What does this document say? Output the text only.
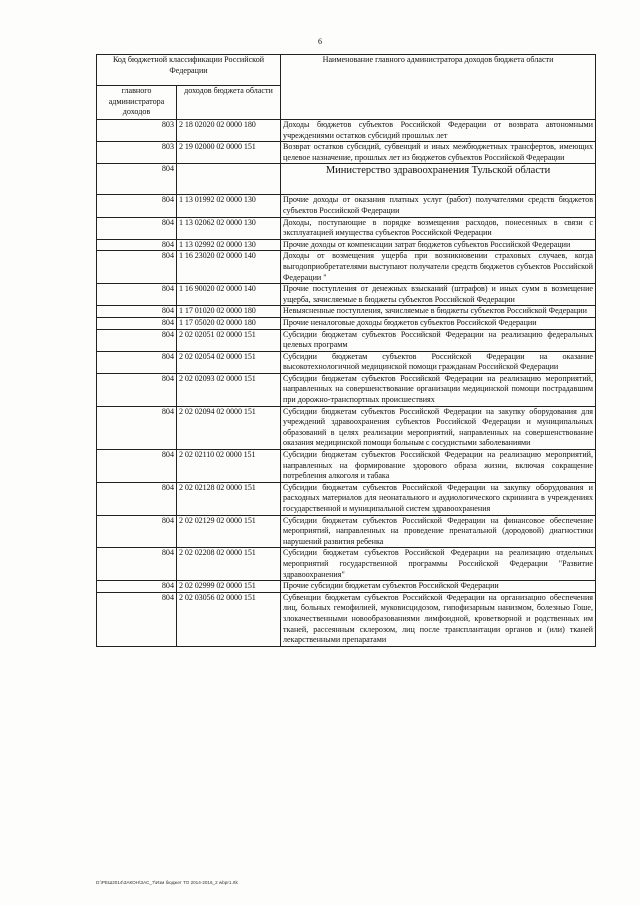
6
Код бюджетной классификации Российской Федерации		Наименование главного администратора доходов бюджета области
главного администратора доходов	доходов бюджета области	
803	2 18 02020 02 0000 180	Доходы бюджетов субъектов Российской Федерации от возврата автономными учреждениями остатков субсидий прошлых лет
803	2 19 02000 02 0000 151	Возврат остатков субсидий, субвенций и иных межбюджетных трансфертов, имеющих целевое назначение, прошлых лет из бюджетов субъектов Российской Федерации
804		Министерство здравоохранения Тульской области
804	1 13 01992 02 0000 130	Прочие доходы от оказания платных услуг (работ) получателями средств бюджетов субъектов Российской Федерации
804	1 13 02062 02 0000 130	Доходы, поступающие в порядке возмещения расходов, понесенных в связи с эксплуатацией имущества субъектов Российской Федерации
804	1 13 02992 02 0000 130	Прочие доходы от компенсации затрат бюджетов субъектов Российской Федерации
804	1 16 23020 02 0000 140	Доходы от возмещения ущерба при возникновении страховых случаев, когда выгодоприобретателями выступают получатели средств бюджетов субъектов Российской Федерации "
804	1 16 90020 02 0000 140	Прочие поступления от денежных взысканий (штрафов) и иных сумм в возмещение ущерба, зачисляемые в бюджеты субъектов Российской Федерации
804	1 17 01020 02 0000 180	Невыясненные поступления, зачисляемые в бюджеты субъектов Российской Федерации
804	1 17 05020 02 0000 180	Прочие неналоговые доходы бюджетов субъектов Российской Федерации
804	2 02 02051 02 0000 151	Субсидии бюджетам субъектов Российской Федерации на реализацию федеральных целевых программ
804	2 02 02054 02 0000 151	Субсидии бюджетам субъектов Российской Федерации на оказание высокотехнологичной медицинской помощи гражданам Российской Федерации
804	2 02 02093 02 0000 151	Субсидии бюджетам субъектов Российской Федерации на реализацию мероприятий, направленных на совершенствование организации медицинской помощи пострадавшим при дорожно-транспортных происшествиях
804	2 02 02094 02 0000 151	Субсидии бюджетам субъектов Российской Федерации на закупку оборудования для учреждений здравоохранения субъектов Российской Федерации и муниципальных образований в целях реализации мероприятий, направленных на совершенствование оказания медицинской помощи больным с сосудистыми заболеваниями
804	2 02 02110 02 0000 151	Субсидии бюджетам субъектов Российской Федерации на реализацию мероприятий, направленных на формирование здорового образа жизни, включая сокращение потребления алкоголя и табака
804	2 02 02128 02 0000 151	Субсидии бюджетам субъектов Российской Федерации на закупку оборудования и расходных материалов для неонатального и аудиологического скрининга в учреждениях государственной и муниципальной систем здравоохранения
804	2 02 02129 02 0000 151	Субсидии бюджетам субъектов Российской Федерации на финансовое обеспечение мероприятий, направленных на проведение пренатальной (дородовой) диагностики нарушений развития ребенка
804	2 02 02208 02 0000 151	Субсидии бюджетам субъектов Российской Федерации на реализацию отдельных мероприятий государственной программы Российской Федерации "Развитие здравоохранения"
804	2 02 02999 02 0000 151	Прочие субсидии бюджетам субъектов Российской Федерации
804	2 02 03056 02 0000 151	Субвенции бюджетам субъектов Российской Федерации на организацию обеспечения лиц, больных гемофилией, муковисцидозом, гипофизарным нанизмом, болезнью Гоше, злокачественными новообразованиями лимфоидной, кроветворной и родственных им тканей, рассеянным склерозом, лиц после трансплантации органов и (или) тканей лекарственными препаратами
D:\РЕШ2014\ЗАКОН\ЗАС_7\Изм бюджет ТО 2014-2016_2 wbpr1.rtk
